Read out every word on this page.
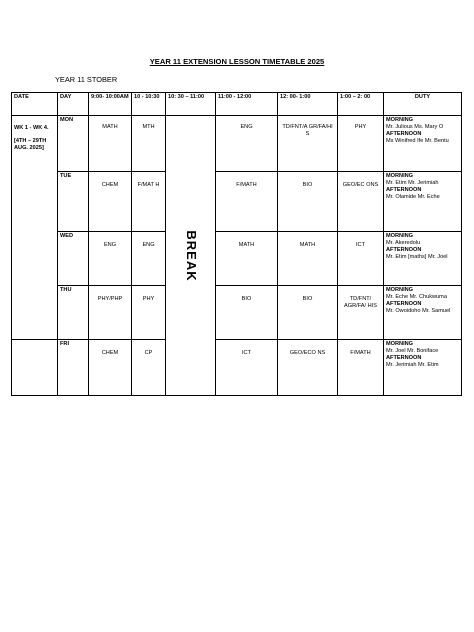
YEAR 11 EXTENSION LESSON TIMETABLE 2025
YEAR 11 STOBER
DATE	DAY	9:00- 10:00AM	10 - 10:30	10: 30 – 11:00	11:00 - 12:00	12: 00- 1:00	1:00 – 2: 00	DUTY

WK 1 - WK 4.
[4TH – 29TH AUG. 2025]	MON	MATH	MTH	BREAK	ENG	TD/FNT/A GR/FA/HI S	PHY	MORNING
Mr. Julious Ms. Mary O
AFTERNOON
Ms Winifred Ife Mr. Bentu

	TUE	CHEM	F/MAT H		F/MATH	BIO	GEO/EC ONS	MORNING
Mr. Etim Mr. Jerimiah
AFTERNOON
Mr. Olamide Mr. Eche

	WED	ENG	ENG		MATH	MATH	ICT	MORNING
Mr. Akeredolu
AFTERNOON
Mr. Etim [maths] Mr. Joel

	THU	PHY/PHP	PHY		BIO	BIO	TD/FNT/ AGR/FA/ HIS	MORNING
Mr. Eche Mr. Chukwuma
AFTERNOON
Mr. Owoidoho Mr. Samuel

	FRI	CHEM	CP		ICT	GEO/ECO NS	F/MATH	MORNING
Mr. Joel Mr. Boniface
AFTERNOON
Mr. Jerimiah Mr. Etim
